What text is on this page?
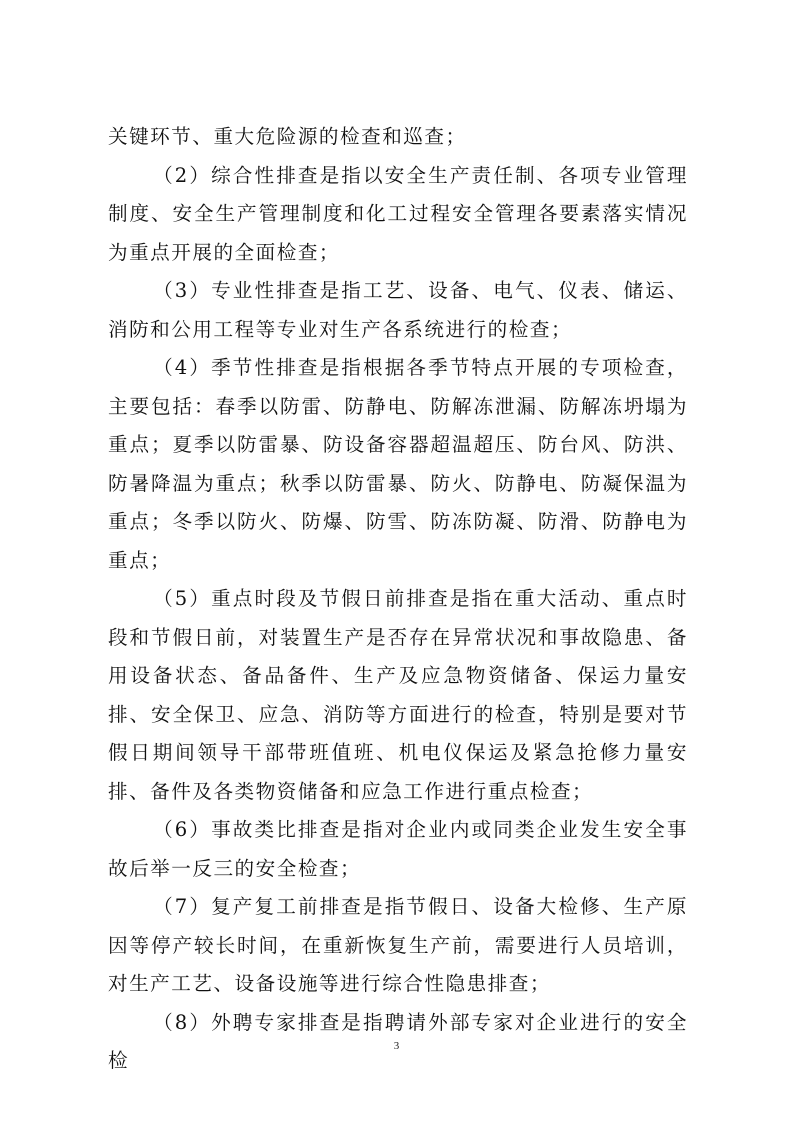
关键环节、重大危险源的检查和巡查；

（2）综合性排查是指以安全生产责任制、各项专业管理制度、安全生产管理制度和化工过程安全管理各要素落实情况为重点开展的全面检查；

（3）专业性排查是指工艺、设备、电气、仪表、储运、消防和公用工程等专业对生产各系统进行的检查；

（4）季节性排查是指根据各季节特点开展的专项检查，主要包括：春季以防雷、防静电、防解冻泄漏、防解冻坍塌为重点；夏季以防雷暴、防设备容器超温超压、防台风、防洪、防暑降温为重点；秋季以防雷暴、防火、防静电、防凝保温为重点；冬季以防火、防爆、防雪、防冻防凝、防滑、防静电为重点；

（5）重点时段及节假日前排查是指在重大活动、重点时段和节假日前，对装置生产是否存在异常状况和事故隐患、备用设备状态、备品备件、生产及应急物资储备、保运力量安排、安全保卫、应急、消防等方面进行的检查，特别是要对节假日期间领导干部带班值班、机电仪保运及紧急抢修力量安排、备件及各类物资储备和应急工作进行重点检查；

（6）事故类比排查是指对企业内或同类企业发生安全事故后举一反三的安全检查；

（7）复产复工前排查是指节假日、设备大检修、生产原因等停产较长时间，在重新恢复生产前，需要进行人员培训，对生产工艺、设备设施等进行综合性隐患排查；

（8）外聘专家排查是指聘请外部专家对企业进行的安全检

3
